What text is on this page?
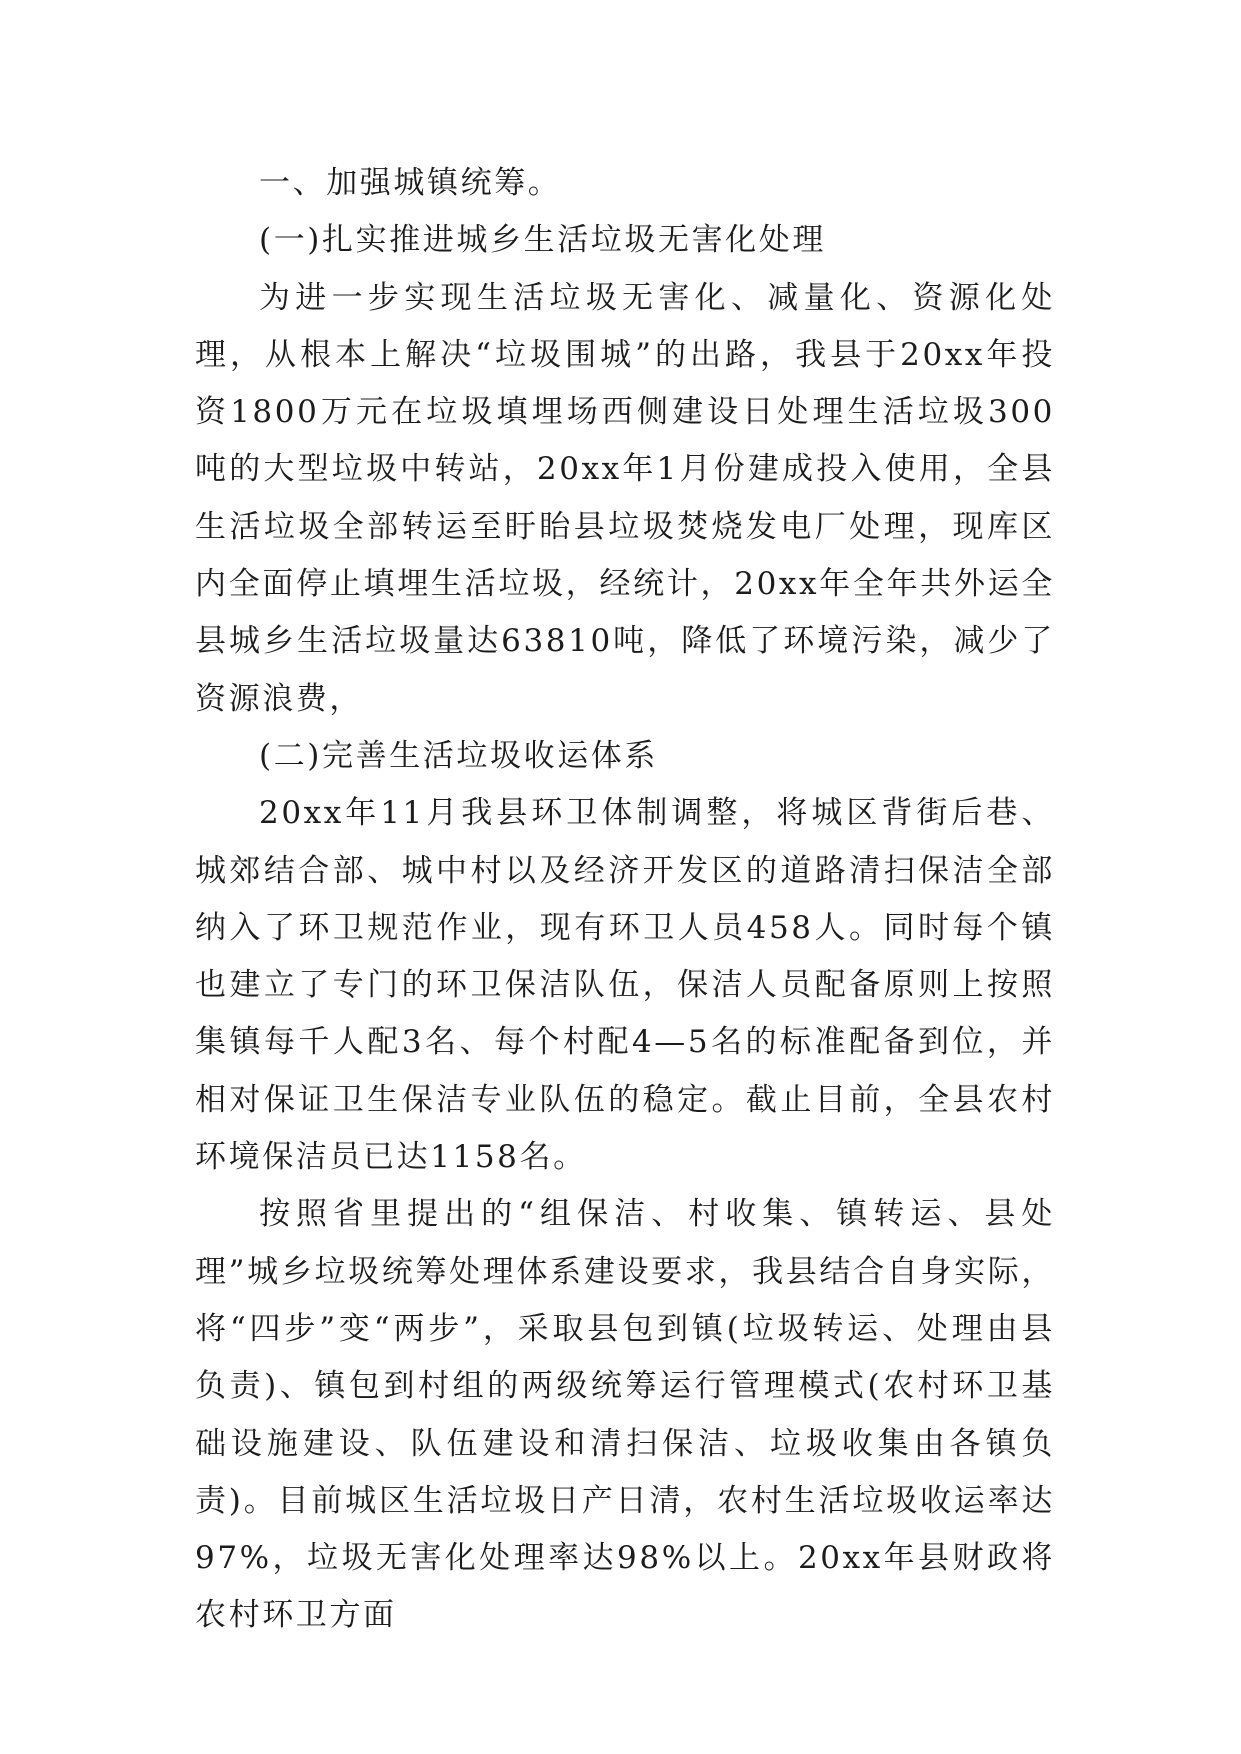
一、加强城镇统筹。

(一)扎实推进城乡生活垃圾无害化处理

为进一步实现生活垃圾无害化、减量化、资源化处理，从根本上解决“垃圾围城”的出路，我县于20xx年投资1800万元在垃圾填埋场西侧建设日处理生活垃圾300吨的大型垃圾中转站，20xx年1月份建成投入使用，全县生活垃圾全部转运至盱眙县垃圾焚烧发电厂处理，现库区内全面停止填埋生活垃圾，经统计，20xx年全年共外运全县城乡生活垃圾量达63810吨，降低了环境污染，减少了资源浪费，

(二)完善生活垃圾收运体系

20xx年11月我县环卫体制调整，将城区背街后巷、城郊结合部、城中村以及经济开发区的道路清扫保洁全部纳入了环卫规范作业，现有环卫人员458人。同时每个镇也建立了专门的环卫保洁队伍，保洁人员配备原则上按照集镇每千人配3名、每个村配4—5名的标准配备到位，并相对保证卫生保洁专业队伍的稳定。截止目前，全县农村环境保洁员已达1158名。

按照省里提出的“组保洁、村收集、镇转运、县处理”城乡垃圾统筹处理体系建设要求，我县结合自身实际，将“四步”变“两步”，采取县包到镇(垃圾转运、处理由县负责)、镇包到村组的两级统筹运行管理模式(农村环卫基础设施建设、队伍建设和清扫保洁、垃圾收集由各镇负责)。目前城区生活垃圾日产日清，农村生活垃圾收运率达97%，垃圾无害化处理率达98%以上。20xx年县财政将农村环卫方面
